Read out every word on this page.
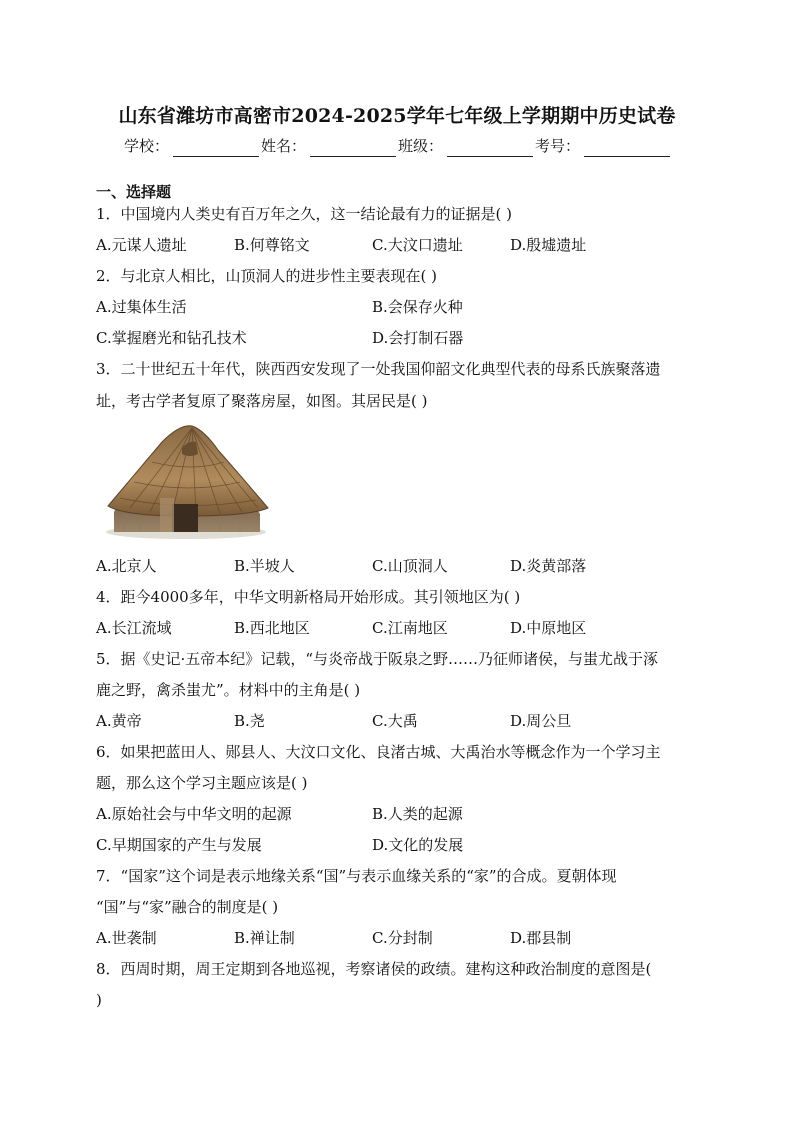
山东省潍坊市高密市2024-2025学年七年级上学期期中历史试卷
学校：	姓名：	班级：	考号：
一、选择题
1．中国境内人类史有百万年之久，这一结论最有力的证据是( )
A.元谋人遗址	B.何尊铭文	C.大汶口遗址	D.殷墟遗址
2．与北京人相比，山顶洞人的进步性主要表现在( )
A.过集体生活	B.会保存火种
C.掌握磨光和钻孔技术	D.会打制石器
3．二十世纪五十年代，陕西西安发现了一处我国仰韶文化典型代表的母系氏族聚落遗
址，考古学者复原了聚落房屋，如图。其居民是( )
A.北京人	B.半坡人	C.山顶洞人	D.炎黄部落
4．距今4000多年，中华文明新格局开始形成。其引领地区为( )
A.长江流域	B.西北地区	C.江南地区	D.中原地区
5．据《史记·五帝本纪》记载，“与炎帝战于阪泉之野……乃征师诸侯，与蚩尤战于涿
鹿之野，禽杀蚩尤”。材料中的主角是( )
A.黄帝	B.尧	C.大禹	D.周公旦
6．如果把蓝田人、郧县人、大汶口文化、良渚古城、大禹治水等概念作为一个学习主
题，那么这个学习主题应该是( )
A.原始社会与中华文明的起源	B.人类的起源
C.早期国家的产生与发展	D.文化的发展
7．“国家”这个词是表示地缘关系“国”与表示血缘关系的“家”的合成。夏朝体现
“国”与“家”融合的制度是( )
A.世袭制	B.禅让制	C.分封制	D.郡县制
8．西周时期，周王定期到各地巡视，考察诸侯的政绩。建构这种政治制度的意图是(
)
